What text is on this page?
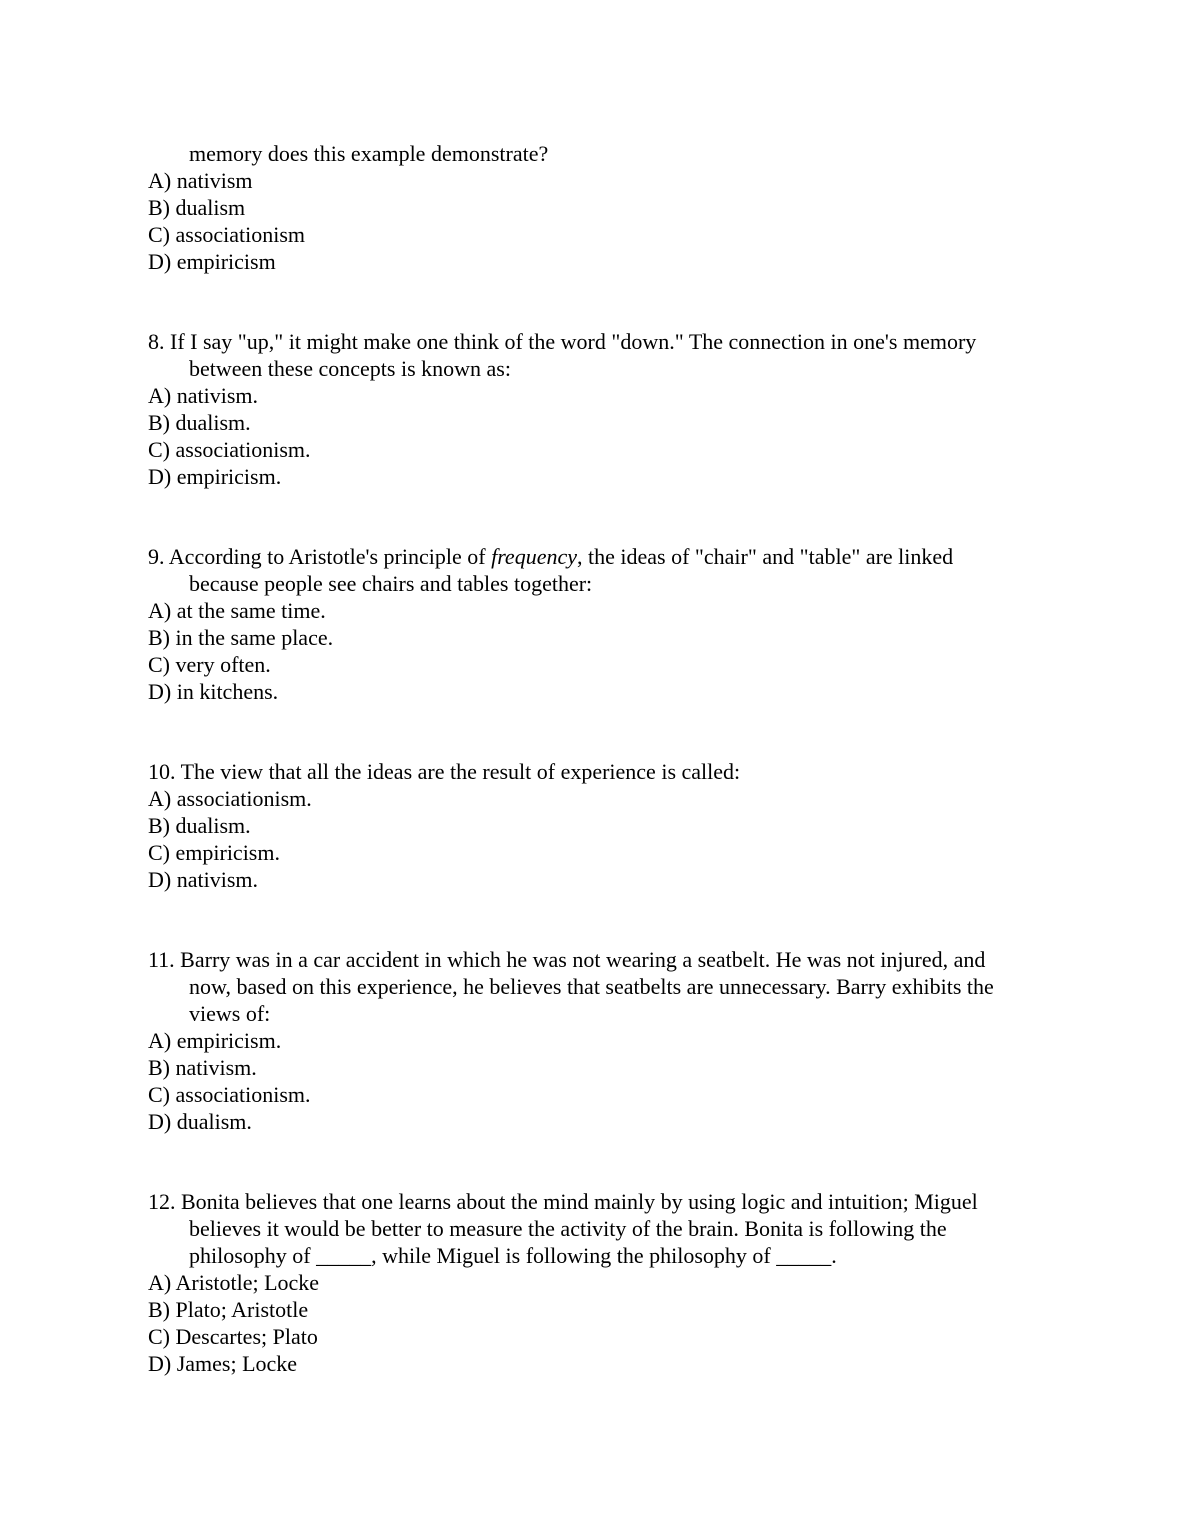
memory does this example demonstrate?
A) nativism
B) dualism
C) associationism
D) empiricism
8. If I say "up," it might make one think of the word "down." The connection in one's memory
between these concepts is known as:
A) nativism.
B) dualism.
C) associationism.
D) empiricism.
9. According to Aristotle's principle of frequency, the ideas of "chair" and "table" are linked
because people see chairs and tables together:
A) at the same time.
B) in the same place.
C) very often.
D) in kitchens.
10. The view that all the ideas are the result of experience is called:
A) associationism.
B) dualism.
C) empiricism.
D) nativism.
11. Barry was in a car accident in which he was not wearing a seatbelt. He was not injured, and
now, based on this experience, he believes that seatbelts are unnecessary. Barry exhibits the
views of:
A) empiricism.
B) nativism.
C) associationism.
D) dualism.
12. Bonita believes that one learns about the mind mainly by using logic and intuition; Miguel
believes it would be better to measure the activity of the brain. Bonita is following the
philosophy of _____, while Miguel is following the philosophy of _____.
A) Aristotle; Locke
B) Plato; Aristotle
C) Descartes; Plato
D) James; Locke
